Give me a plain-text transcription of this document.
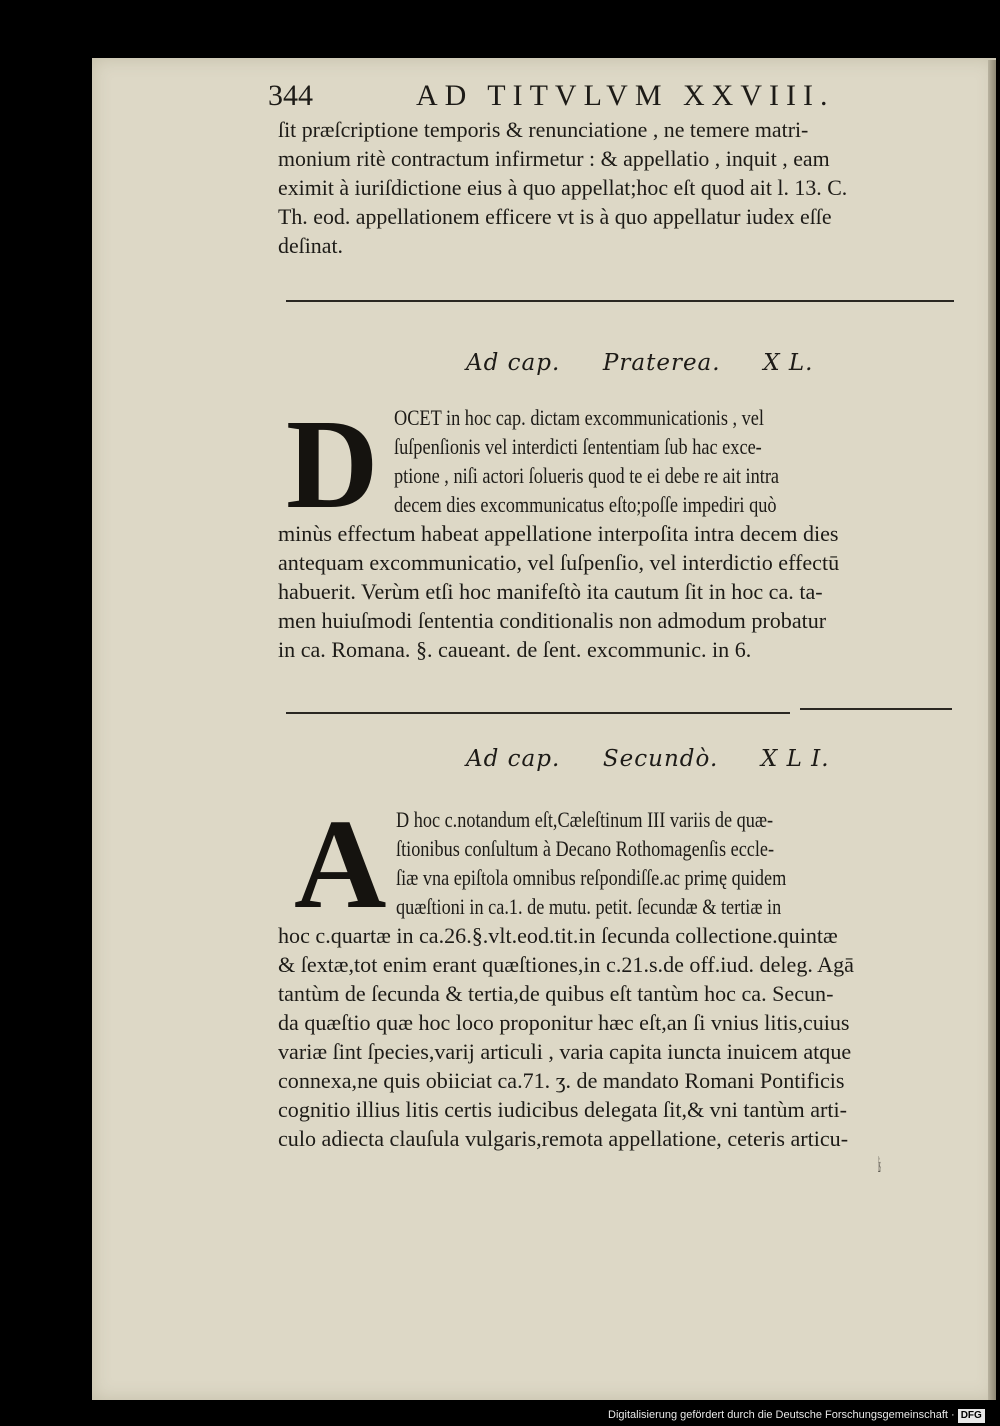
344	AD TITVLVM XXVIII.
ſit præſcriptione temporis & renunciatione , ne temere matri-
monium ritè contractum infirmetur : & appellatio , inquit , eam
eximit à iuriſdictione eius à quo appellat;hoc eſt quod ait l. 13. C.
Th. eod. appellationem efficere vt is à quo appellatur iudex eſſe
deſinat.
Ad cap. Praterea. X L.
D OCET in hoc cap. dictam excommunicationis , vel
ſuſpenſionis vel interdicti ſententiam ſub hac exce-
ptione , niſi actori ſolueris quod te ei debe re ait intra
decem dies excommunicatus eſto;poſſe impediri quò
minùs effectum habeat appellatione interpoſita intra decem dies
antequam excommunicatio, vel ſuſpenſio, vel interdictio effectū
habuerit. Verùm etſi hoc manifeſtò ita cautum ſit in hoc ca. ta-
men huiuſmodi ſententia conditionalis non admodum probatur
in ca. Romana. §. caueant. de ſent. excommunic. in 6.
Ad cap. Secundò. X L I.
A D hoc c.notandum eſt,Cæleſtinum III variis de quæ-
ſtionibus conſultum à Decano Rothomagenſis eccle-
ſiæ vna epiſtola omnibus reſpondiſſe.ac primę quidem
quæſtioni in ca.1. de mutu. petit. ſecundæ & tertiæ in
hoc c.quartæ in ca.26.§.vlt.eod.tit.in ſecunda collectione.quintæ
& ſextæ,tot enim erant quæſtiones,in c.21.s.de off.iud. deleg. Agā
tantùm de ſecunda & tertia,de quibus eſt tantùm hoc ca. Secun-
da quæſtio quæ hoc loco proponitur hæc eſt,an ſi vnius litis,cuius
variæ ſint ſpecies,varij articuli , varia capita iuncta inuicem atque
connexa,ne quis obiiciat ca.71. ʒ. de mandato Romani Pontificis
cognitio illius litis certis iudicibus delegata ſit,& vni tantùm arti-
culo adiecta clauſula vulgaris,remota appellatione, ceteris articu-
lis
Digitalisierung gefördert durch die Deutsche Forschungsgemeinschaft · DFG
